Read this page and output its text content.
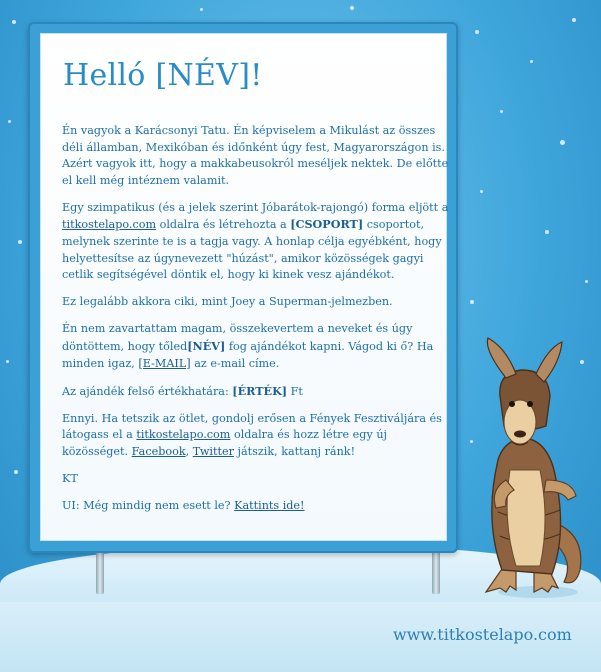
Helló [NÉV]!

Én vagyok a Karácsonyi Tatu. Én képviselem a Mikulást az összes déli államban, Mexikóban és időnként úgy fest, Magyarországon is. Azért vagyok itt, hogy a makkabeusokról meséljek nektek. De előtte el kell még intéznem valamit.

Egy szimpatikus (és a jelek szerint Jóbarátok-rajongó) forma eljött a titkostelapo.com oldalra és létrehozta a [CSOPORT] csoportot, melynek szerinte te is a tagja vagy. A honlap célja egyébként, hogy helyettesítse az úgynevezett "húzást", amikor közösségek gagyi cetlik segítségével döntik el, hogy ki kinek vesz ajándékot.

Ez legalább akkora ciki, mint Joey a Superman-jelmezben.

Én nem zavartattam magam, összekevertem a neveket és úgy döntöttem, hogy tőled[NÉV] fog ajándékot kapni. Vágod ki ő? Ha minden igaz, [E-MAIL] az e-mail címe.

Az ajándék felső értékhatára: [ÉRTÉK] Ft

Ennyi. Ha tetszik az ötlet, gondolj erősen a Fények Fesztiváljára és látogass el a titkostelapo.com oldalra és hozz létre egy új közösséget. Facebook, Twitter játszik, kattanj ránk!

KT

UI: Még mindig nem esett le? Kattints ide!

www.titkostelapo.com
